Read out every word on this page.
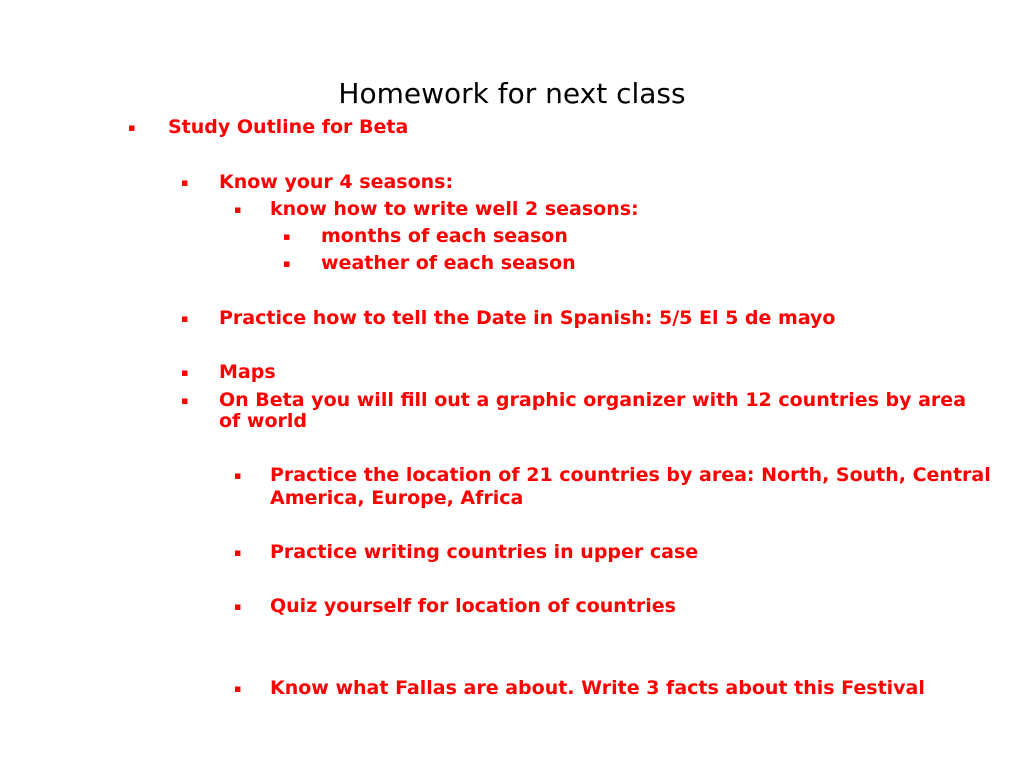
Homework for next class
▪ Study Outline for Beta
▪ Know your 4 seasons:
▪ know how to write well 2 seasons:
▪ months of each season
▪ weather of each season
▪ Practice how to tell the Date in Spanish: 5/5 El 5 de mayo
▪ Maps
▪ On Beta you will fill out a graphic organizer with 12 countries by area
of world
▪ Practice the location of 21 countries by area: North, South, Central
America, Europe, Africa
▪ Practice writing countries in upper case
▪ Quiz yourself for location of countries
▪ Know what Fallas are about. Write 3 facts about this Festival
